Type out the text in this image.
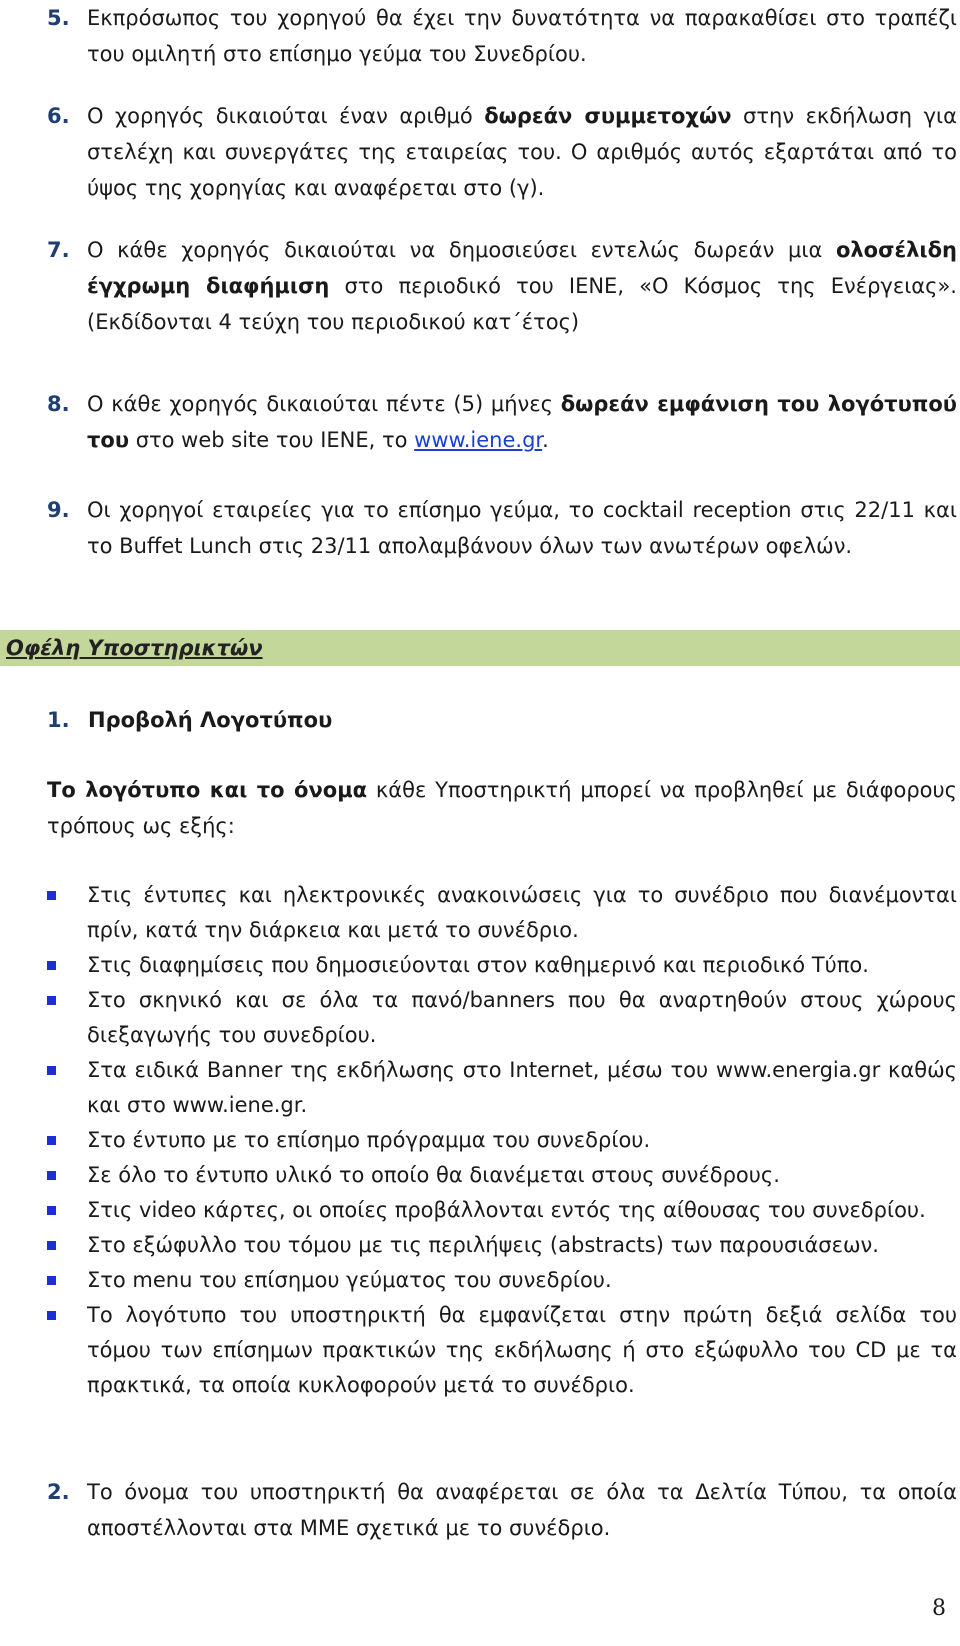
5. Εκπρόσωπος του χορηγού θα έχει την δυνατότητα να παρακαθίσει στο τραπέζι του ομιλητή στο επίσημο γεύμα του Συνεδρίου.
6. Ο χορηγός δικαιούται έναν αριθμό δωρεάν συμμετοχών στην εκδήλωση για στελέχη και συνεργάτες της εταιρείας του. Ο αριθμός αυτός εξαρτάται από το ύψος της χορηγίας και αναφέρεται στο (γ).
7. Ο κάθε χορηγός δικαιούται να δημοσιεύσει εντελώς δωρεάν μια ολοσέλιδη έγχρωμη διαφήμιση στο περιοδικό του ΙΕΝΕ, «Ο Κόσμος της Ενέργειας». (Εκδίδονται 4 τεύχη του περιοδικού κατ΄έτος)
8. Ο κάθε χορηγός δικαιούται πέντε (5) μήνες δωρεάν εμφάνιση του λογότυπού του στο web site του ΙΕΝΕ, το www.iene.gr.
9. Οι χορηγοί εταιρείες για το επίσημο γεύμα, το cocktail reception στις 22/11 και το Buffet Lunch στις 23/11 απολαμβάνουν όλων των ανωτέρων οφελών.
Οφέλη Υποστηρικτών
1. Προβολή Λογοτύπου
Το λογότυπο και το όνομα κάθε Υποστηρικτή μπορεί να προβληθεί με διάφορους τρόπους ως εξής:
Στις έντυπες και ηλεκτρονικές ανακοινώσεις για το συνέδριο που διανέμονται πρίν, κατά την διάρκεια και μετά το συνέδριο.
Στις διαφημίσεις που δημοσιεύονται στον καθημερινό και περιοδικό Τύπο.
Στο σκηνικό και σε όλα τα πανό/banners που θα αναρτηθούν στους χώρους διεξαγωγής του συνεδρίου.
Στα ειδικά Banner της εκδήλωσης στο Internet, μέσω του www.energia.gr καθώς και στο www.iene.gr.
Στο έντυπο με το επίσημο πρόγραμμα του συνεδρίου.
Σε όλο το έντυπο υλικό το οποίο θα διανέμεται στους συνέδρους.
Στις video κάρτες, οι οποίες προβάλλονται εντός της αίθουσας του συνεδρίου.
Στο εξώφυλλο του τόμου με τις περιλήψεις (abstracts) των παρουσιάσεων.
Στο menu του επίσημου γεύματος του συνεδρίου.
Το λογότυπο του υποστηρικτή θα εμφανίζεται στην πρώτη δεξιά σελίδα του τόμου των επίσημων πρακτικών της εκδήλωσης ή στο εξώφυλλο του CD με τα πρακτικά, τα οποία κυκλοφορούν μετά το συνέδριο.
2. Το όνομα του υποστηρικτή θα αναφέρεται σε όλα τα Δελτία Τύπου, τα οποία αποστέλλονται στα ΜΜΕ σχετικά με το συνέδριο.
8
